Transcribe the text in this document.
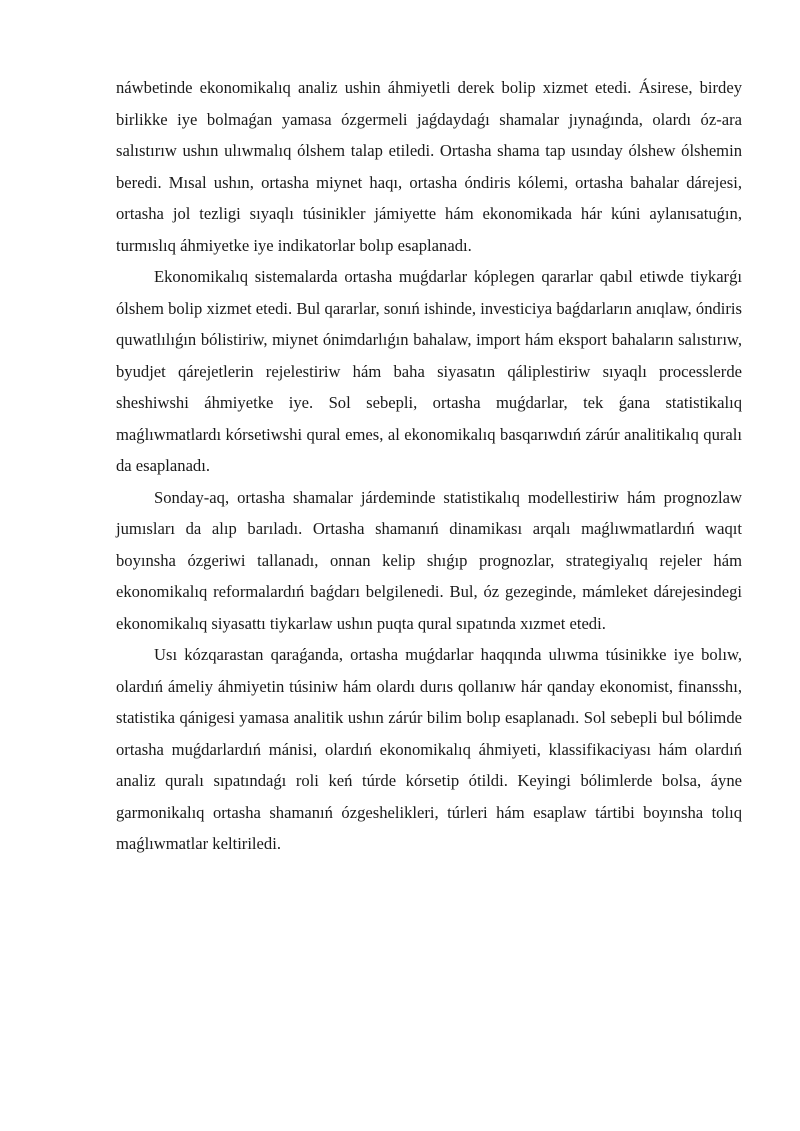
náwbetinde ekonomikalıq analiz ushin áhmiyetli derek bolip xizmet etedi. Ásirese, birdey birlikke iye bolmaǵan yamasa ózgermeli jaǵdaydaǵı shamalar jıynaǵında, olardı óz-ara salıstırıw ushın ulıwmalıq ólshem talap etiledi. Ortasha shama tap usınday ólshew ólshemin beredi. Mısal ushın, ortasha miynet haqı, ortasha óndiris kólemi, ortasha bahalar dárejesi, ortasha jol tezligi sıyaqlı túsinikler jámiyette hám ekonomikada hár kúni aylanısatuǵın, turmıslıq áhmiyetke iye indikatorlar bolıp esaplanadı.

Ekonomikalıq sistemalarda ortasha muǵdarlar kóplegen qararlar qabıl etiwde tiykarǵı ólshem bolip xizmet etedi. Bul qararlar, sonıń ishinde, investiciya baǵdarların anıqlaw, óndiris quwatlılıǵın bólistiriw, miynet ónimdarlıǵın bahalaw, import hám eksport bahaların salıstırıw, byudjet qárejetlerin rejelestiriw hám baha siyasatın qáliplestiriw sıyaqlı processlerde sheshiwshi áhmiyetke iye. Sol sebepli, ortasha muǵdarlar, tek ǵana statistikalıq maǵlıwmatlardı kórsetiwshi qural emes, al ekonomikalıq basqarıwdıń zárúr analitikalıq quralı da esaplanadı.

Sonday-aq, ortasha shamalar járdeminde statistikalıq modellestiriw hám prognozlaw jumısları da alıp barıladı. Ortasha shamanıń dinamikası arqalı maǵlıwmatlardıń waqıt boyınsha ózgeriwi tallanadı, onnan kelip shıǵıp prognozlar, strategiyalıq rejeler hám ekonomikalıq reformalardıń baǵdarı belgilenedi. Bul, óz gezeginde, mámleket dárejesindegi ekonomikalıq siyasattı tiykarlaw ushın puqta qural sıpatında xızmet etedi.

Usı kózqarastan qaraǵanda, ortasha muǵdarlar haqqında ulıwma túsinikke iye bolıw, olardıń ámeliy áhmiyetin túsiniw hám olardı durıs qollanıw hár qanday ekonomist, finansshı, statistika qánigesi yamasa analitik ushın zárúr bilim bolıp esaplanadı. Sol sebepli bul bólimde ortasha muǵdarlardıń mánisi, olardıń ekonomikalıq áhmiyeti, klassifikaciyası hám olardıń analiz quralı sıpatındaǵı roli keń túrde kórsetip ótildi. Keyingi bólimlerde bolsa, áyne garmonikalıq ortasha shamanıń ózgeshelikleri, túrleri hám esaplaw tártibi boyınsha tolıq maǵlıwmatlar keltiriledi.
